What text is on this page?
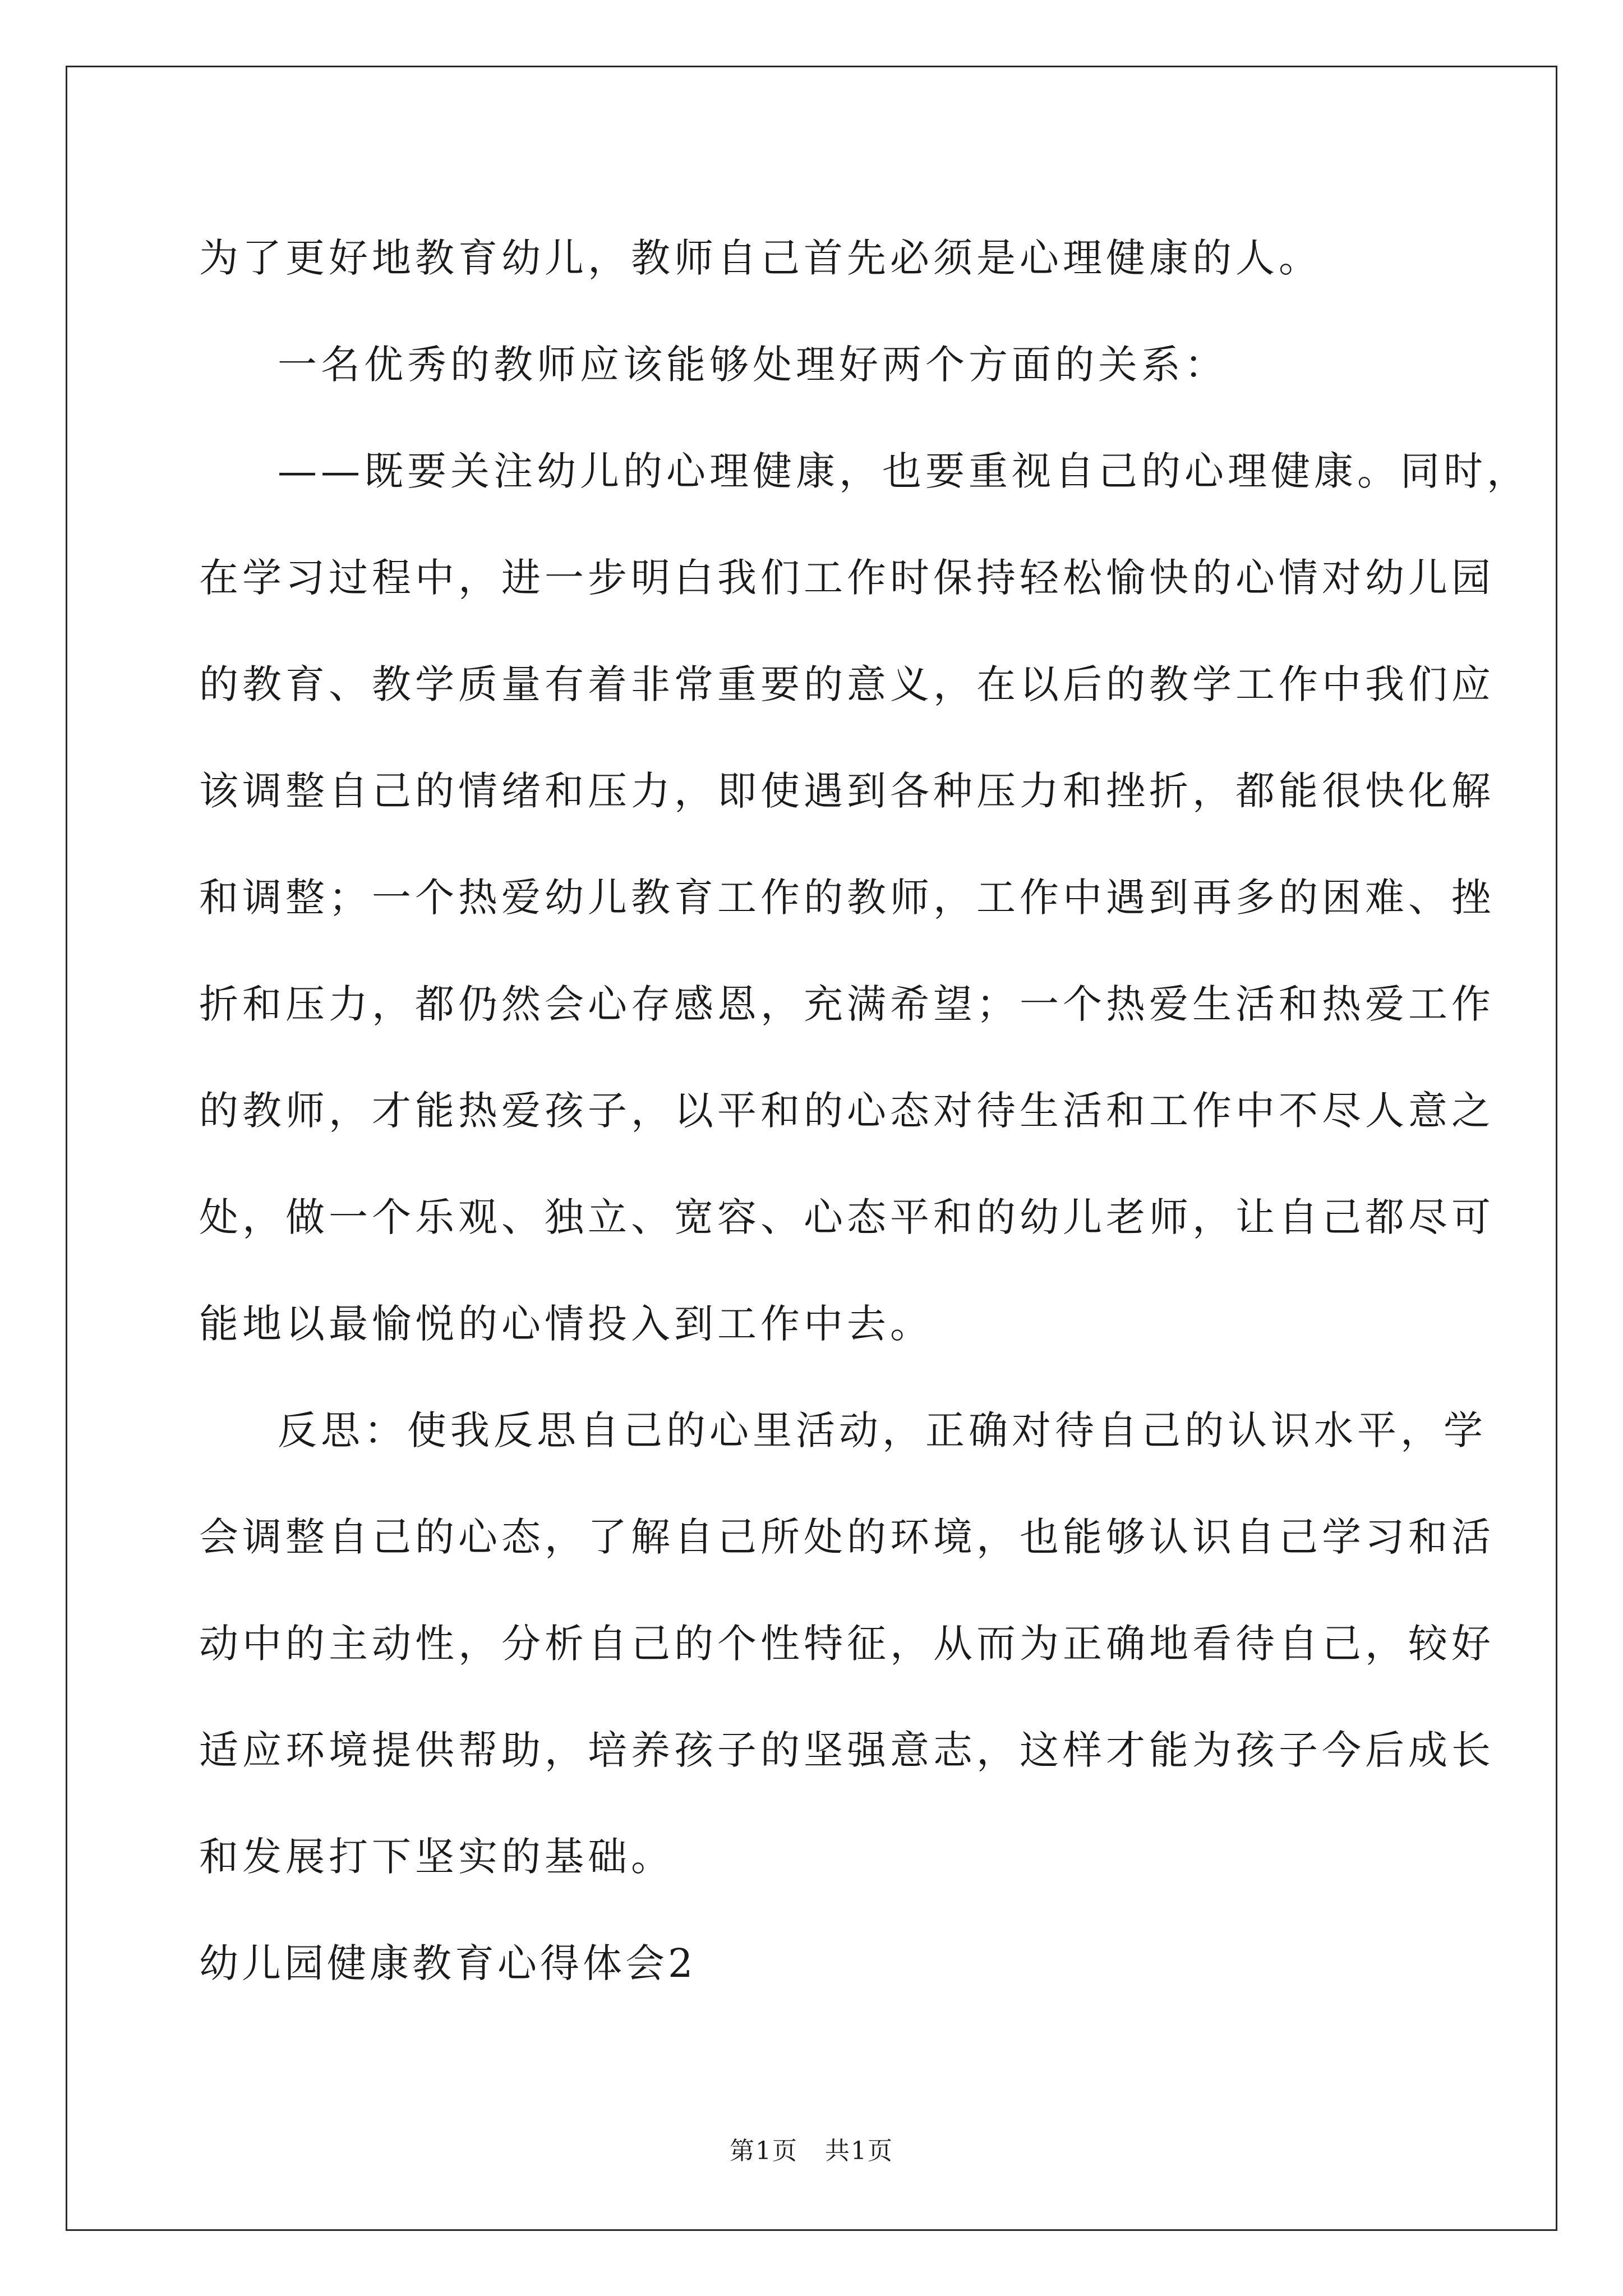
为了更好地教育幼儿，教师自己首先必须是心理健康的人。
一名优秀的教师应该能够处理好两个方面的关系：
——既要关注幼儿的心理健康，也要重视自己的心理健康。同时，
在学习过程中，进一步明白我们工作时保持轻松愉快的心情对幼儿园
的教育、教学质量有着非常重要的意义，在以后的教学工作中我们应
该调整自己的情绪和压力，即使遇到各种压力和挫折，都能很快化解
和调整；一个热爱幼儿教育工作的教师，工作中遇到再多的困难、挫
折和压力，都仍然会心存感恩，充满希望；一个热爱生活和热爱工作
的教师，才能热爱孩子，以平和的心态对待生活和工作中不尽人意之
处，做一个乐观、独立、宽容、心态平和的幼儿老师，让自己都尽可
能地以最愉悦的心情投入到工作中去。
反思：使我反思自己的心里活动，正确对待自己的认识水平，学
会调整自己的心态，了解自己所处的环境，也能够认识自己学习和活
动中的主动性，分析自己的个性特征，从而为正确地看待自己，较好
适应环境提供帮助，培养孩子的坚强意志，这样才能为孩子今后成长
和发展打下坚实的基础。
幼儿园健康教育心得体会2
第1页   共1页
